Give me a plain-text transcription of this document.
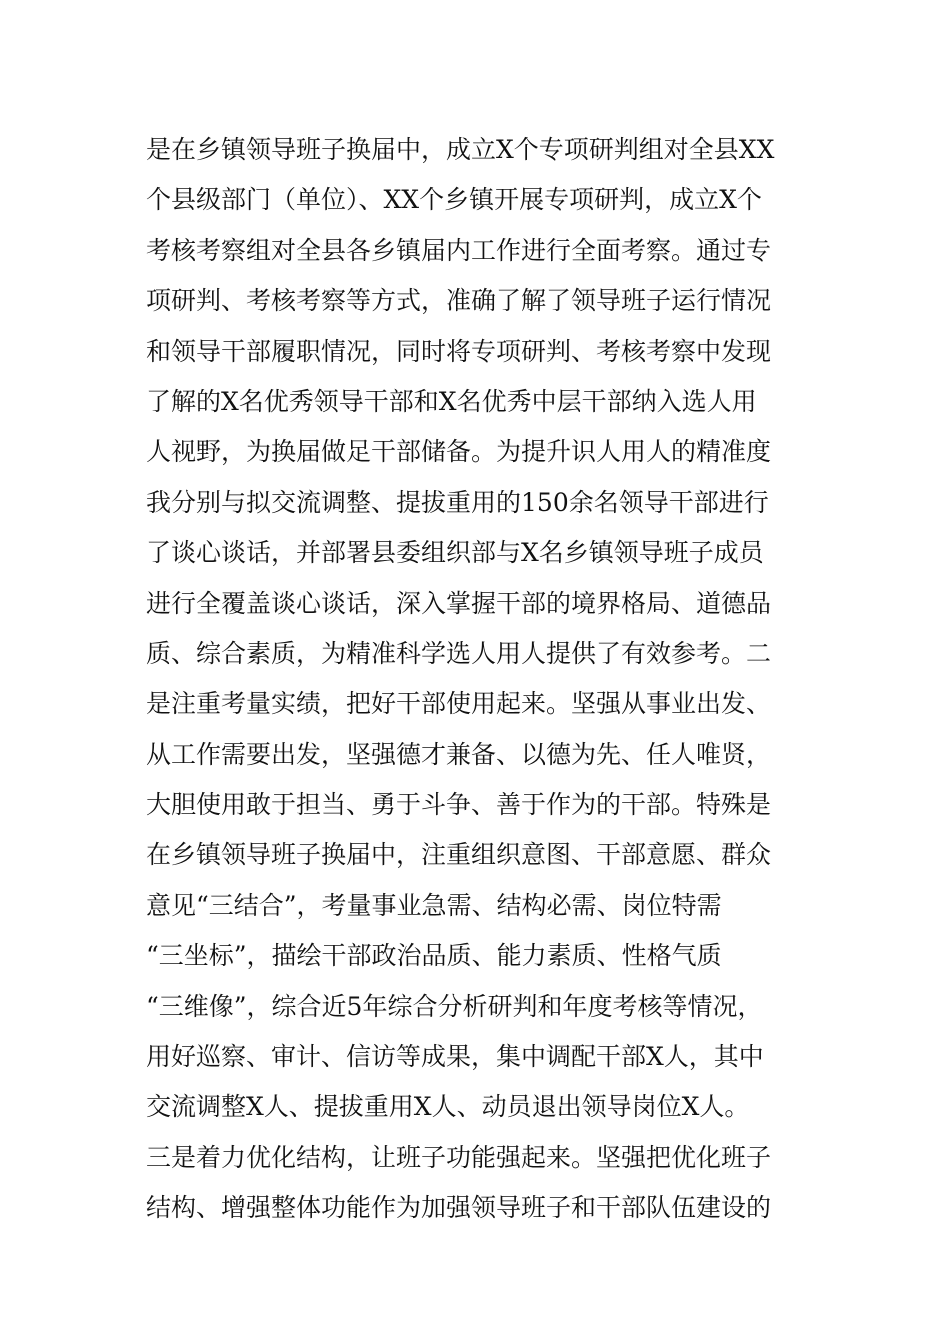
是在乡镇领导班子换届中，成立X个专项研判组对全县XX
个县级部门（单位）、XX个乡镇开展专项研判，成立X个
考核考察组对全县各乡镇届内工作进行全面考察。通过专
项研判、考核考察等方式，准确了解了领导班子运行情况
和领导干部履职情况，同时将专项研判、考核考察中发现
了解的X名优秀领导干部和X名优秀中层干部纳入选人用
人视野，为换届做足干部储备。为提升识人用人的精准度
我分别与拟交流调整、提拔重用的150余名领导干部进行
了谈心谈话，并部署县委组织部与X名乡镇领导班子成员
进行全覆盖谈心谈话，深入掌握干部的境界格局、道德品
质、综合素质，为精准科学选人用人提供了有效参考。二
是注重考量实绩，把好干部使用起来。坚强从事业出发、
从工作需要出发，坚强德才兼备、以德为先、任人唯贤，
大胆使用敢于担当、勇于斗争、善于作为的干部。特殊是
在乡镇领导班子换届中，注重组织意图、干部意愿、群众
意见“三结合”，考量事业急需、结构必需、岗位特需
“三坐标”，描绘干部政治品质、能力素质、性格气质
“三维像”，综合近5年综合分析研判和年度考核等情况，
用好巡察、审计、信访等成果，集中调配干部X人，其中
交流调整X人、提拔重用X人、动员退出领导岗位X人。
三是着力优化结构，让班子功能强起来。坚强把优化班子
结构、增强整体功能作为加强领导班子和干部队伍建设的
